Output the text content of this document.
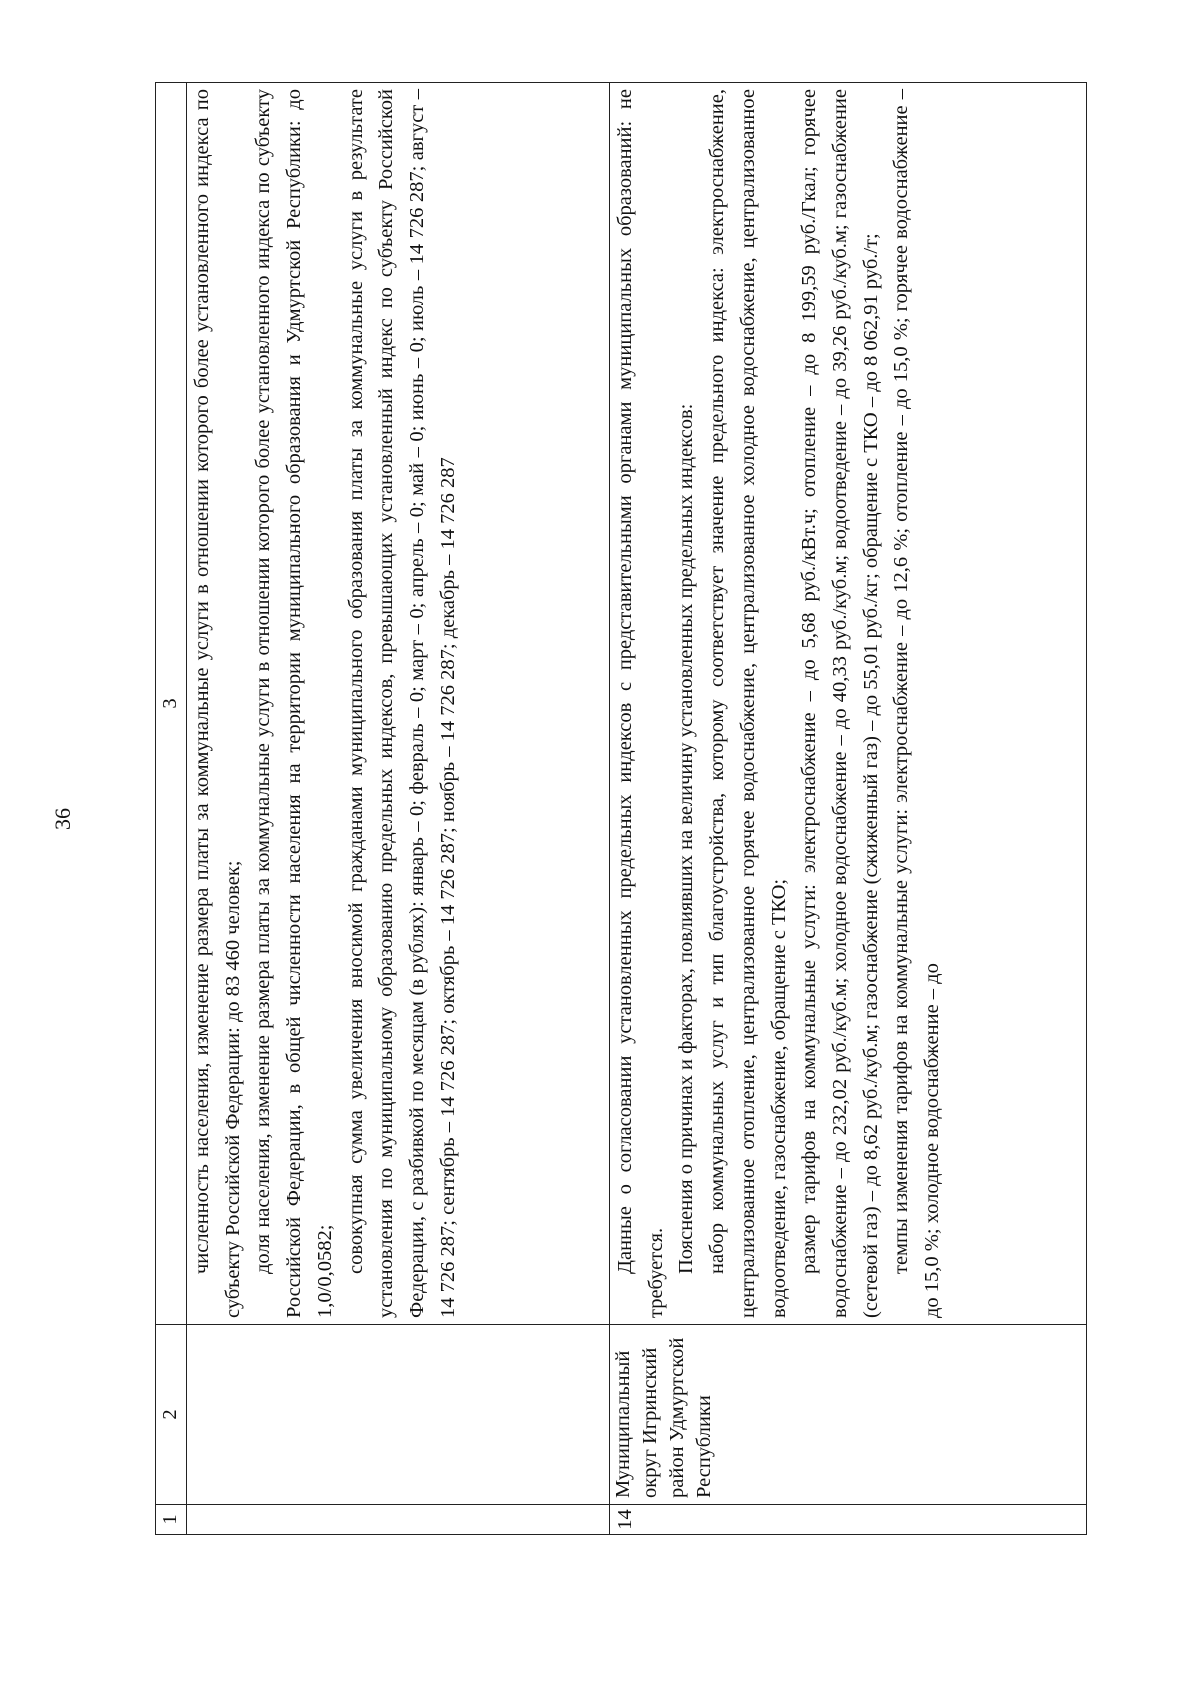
36
1	2	3

		численность населения, изменение размера платы за коммунальные услуги в отношении которого более установленного индекса по субъекту Российской Федерации: до 83 460 человек; доля населения, изменение размера платы за коммунальные услуги в отношении которого более установленного индекса по субъекту Российской Федерации, в общей численности населения на территории муниципального образования и Удмуртской Республики: до 1,0/0,0582; совокупная сумма увеличения вносимой гражданами муниципального образования платы за коммунальные услуги в результате установления по муниципальному образованию предельных индексов, превышающих установленный индекс по субъекту Российской Федерации, с разбивкой по месяцам (в рублях): январь – 0; февраль – 0; март – 0; апрель – 0; май – 0; июнь – 0; июль – 14 726 287; август – 14 726 287; сентябрь – 14 726 287; октябрь – 14 726 287; ноябрь – 14 726 287; декабрь – 14 726 287

14	Муниципальный округ Игринский район Удмуртской Республики	Данные о согласовании установленных предельных индексов с представительными органами муниципальных образований: не требуется. Пояснения о причинах и факторах, повлиявших на величину установленных предельных индексов: набор коммунальных услуг и тип благоустройства, которому соответствует значение предельного индекса: электроснабжение, централизованное отопление, централизованное горячее водоснабжение, централизованное холодное водоснабжение, централизованное водоотведение, газоснабжение, обращение с ТКО; размер тарифов на коммунальные услуги: электроснабжение – до 5,68 руб./кВт.ч; отопление – до 8 199,59 руб./Гкал; горячее водоснабжение – до 232,02 руб./куб.м; холодное водоснабжение – до 40,33 руб./куб.м; водоотведение – до 39,26 руб./куб.м; газоснабжение (сетевой газ) – до 8,62 руб./куб.м; газоснабжение (сжиженный газ) – до 55,01 руб./кг; обращение с ТКО – до 8 062,91 руб./т; темпы изменения тарифов на коммунальные услуги: электроснабжение – до 12,6 %; отопление – до 15,0 %; горячее водоснабжение – до 15,0 %; холодное водоснабжение – до
